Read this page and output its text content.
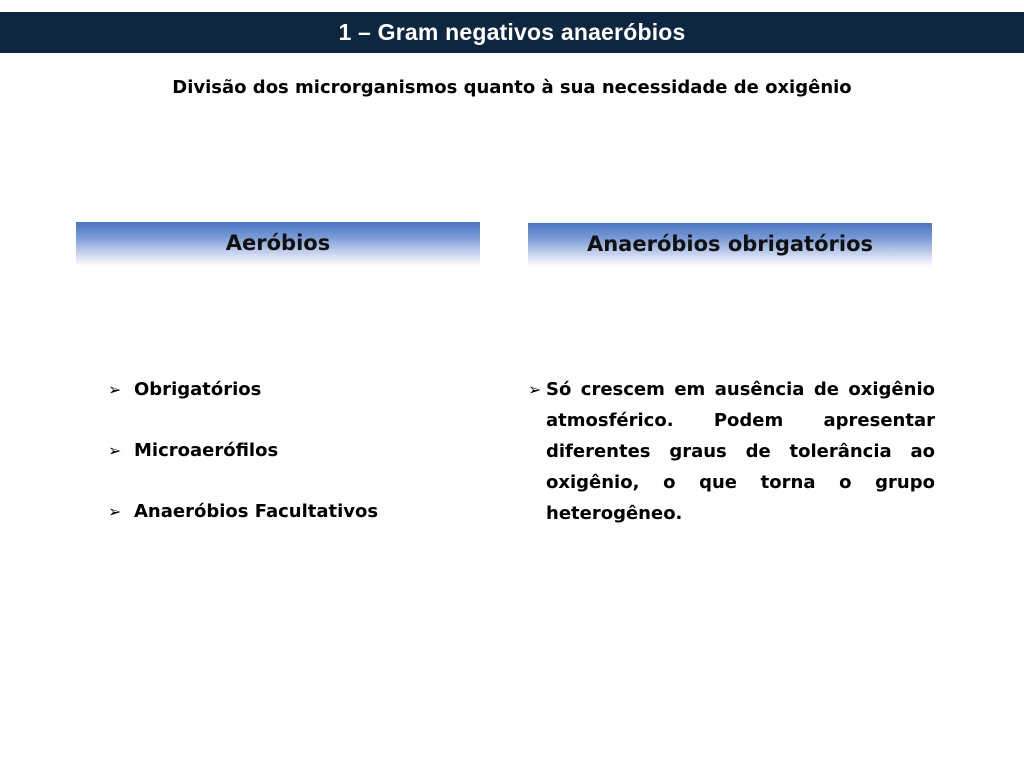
1 – Gram negativos anaeróbios
Divisão dos microrganismos quanto à sua necessidade de oxigênio
Aeróbios	Anaeróbios obrigatórios
➢ Obrigatórios
➢ Microaerófilos
➢ Anaeróbios Facultativos
➢ Só crescem em ausência de oxigênio atmosférico. Podem apresentar diferentes graus de tolerância ao oxigênio, o que torna o grupo heterogêneo.
